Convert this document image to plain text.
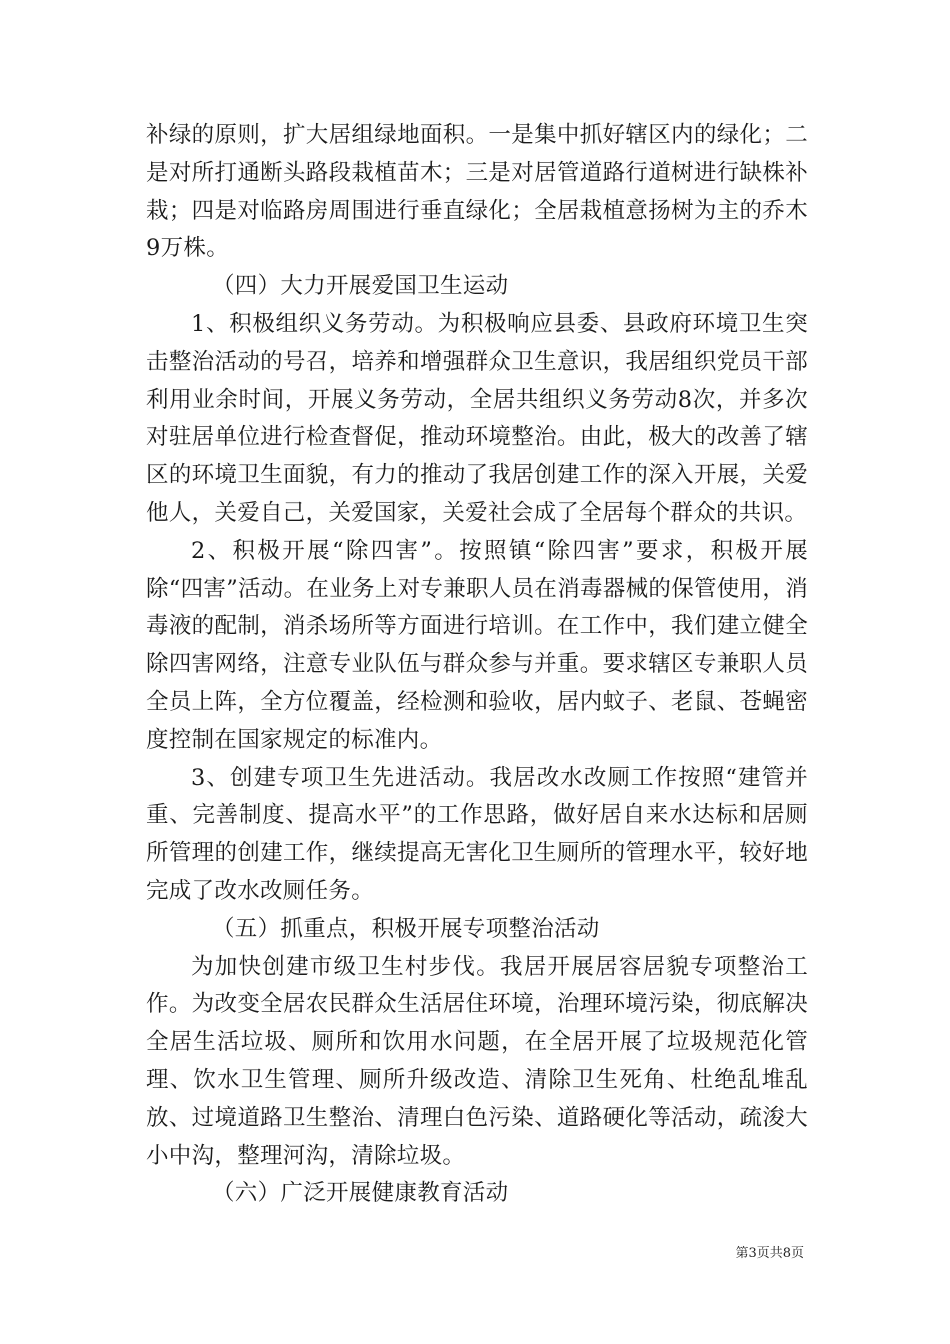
补绿的原则，扩大居组绿地面积。一是集中抓好辖区内的绿化；二是对所打通断头路段栽植苗木；三是对居管道路行道树进行缺株补栽；四是对临路房周围进行垂直绿化；全居栽植意扬树为主的乔木9万株。

（四）大力开展爱国卫生运动

1、积极组织义务劳动。为积极响应县委、县政府环境卫生突击整治活动的号召，培养和增强群众卫生意识，我居组织党员干部利用业余时间，开展义务劳动，全居共组织义务劳动8次，并多次对驻居单位进行检查督促，推动环境整治。由此，极大的改善了辖区的环境卫生面貌，有力的推动了我居创建工作的深入开展，关爱他人，关爱自己，关爱国家，关爱社会成了全居每个群众的共识。

2、积极开展“除四害”。按照镇“除四害”要求，积极开展除“四害”活动。在业务上对专兼职人员在消毒器械的保管使用，消毒液的配制，消杀场所等方面进行培训。在工作中，我们建立健全除四害网络，注意专业队伍与群众参与并重。要求辖区专兼职人员全员上阵，全方位覆盖，经检测和验收，居内蚊子、老鼠、苍蝇密度控制在国家规定的标准内。

3、创建专项卫生先进活动。我居改水改厕工作按照“建管并重、完善制度、提高水平”的工作思路，做好居自来水达标和居厕所管理的创建工作，继续提高无害化卫生厕所的管理水平，较好地完成了改水改厕任务。

（五）抓重点，积极开展专项整治活动

为加快创建市级卫生村步伐。我居开展居容居貌专项整治工作。为改变全居农民群众生活居住环境，治理环境污染，彻底解决全居生活垃圾、厕所和饮用水问题，在全居开展了垃圾规范化管理、饮水卫生管理、厕所升级改造、清除卫生死角、杜绝乱堆乱放、过境道路卫生整治、清理白色污染、道路硬化等活动，疏浚大小中沟，整理河沟，清除垃圾。

（六）广泛开展健康教育活动

第3页共8页
